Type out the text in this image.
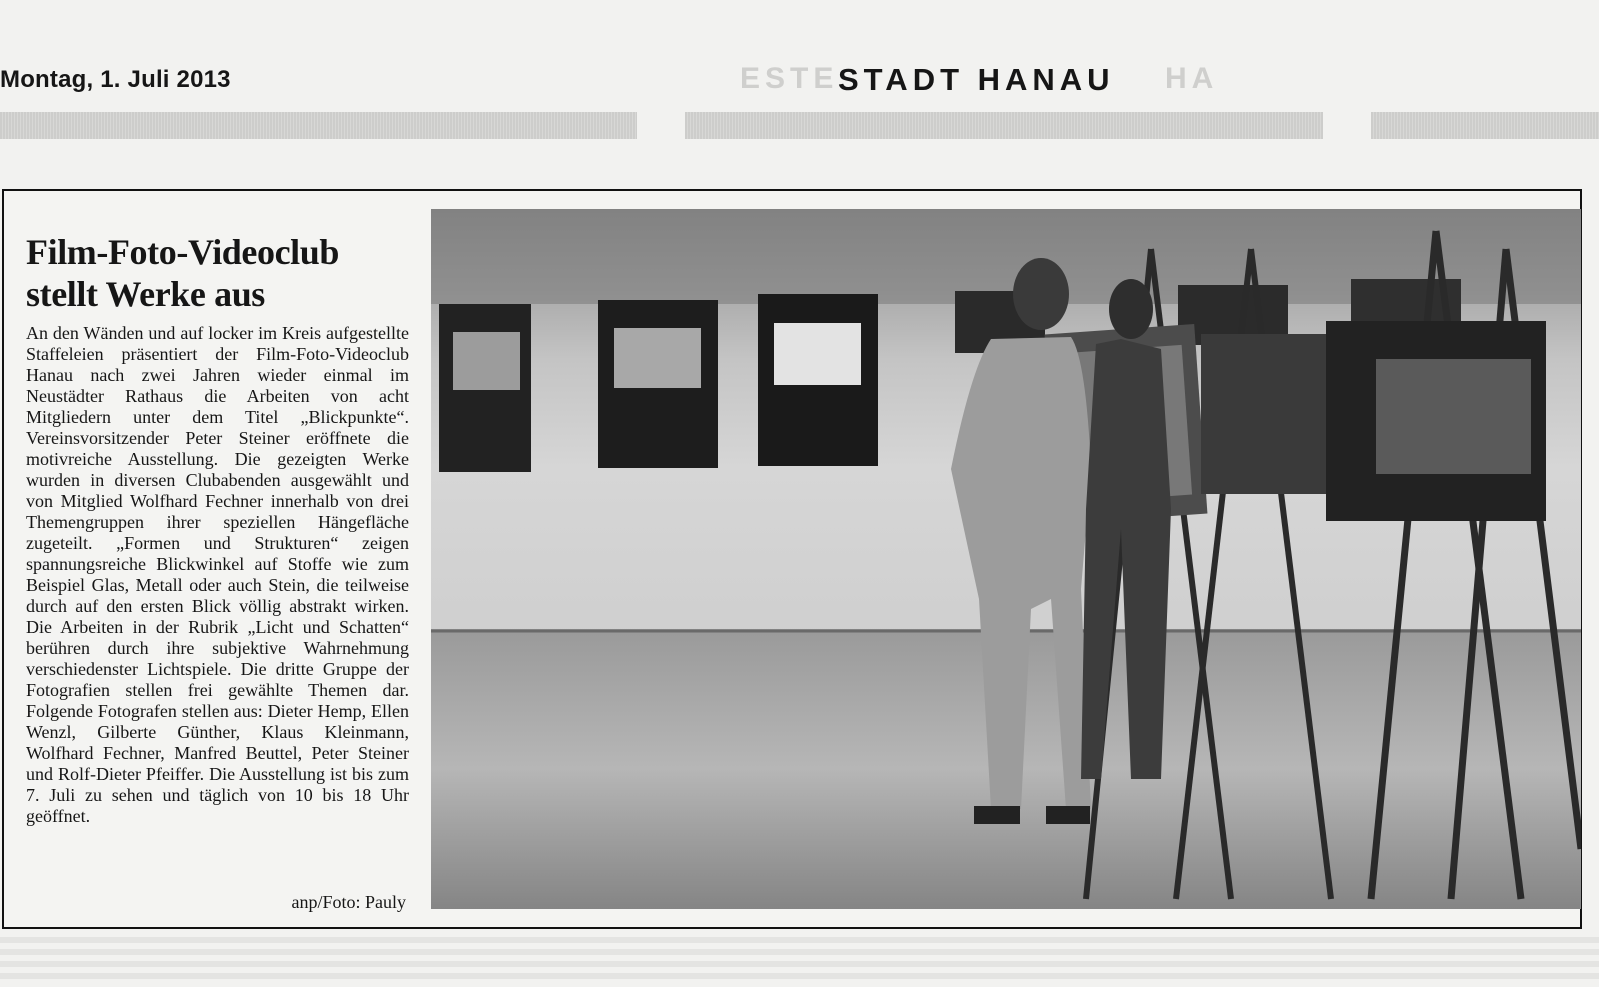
Montag, 1. Juli 2013	ESTE STADT HANAU HA
Film-Foto-Videoclub
stellt Werke aus

An den Wänden und auf locker im Kreis aufgestellte Staffeleien präsentiert der Film-Foto-Videoclub Hanau nach zwei Jahren wieder einmal im Neustädter Rathaus die Arbeiten von acht Mitgliedern unter dem Titel „Blickpunkte“. Vereinsvorsitzender Peter Steiner eröffnete die motivreiche Ausstellung. Die gezeigten Werke wurden in diversen Clubabenden ausgewählt und von Mitglied Wolfhard Fechner innerhalb von drei Themengruppen ihrer speziellen Hängefläche zugeteilt. „Formen und Strukturen“ zeigen spannungsreiche Blickwinkel auf Stoffe wie zum Beispiel Glas, Metall oder auch Stein, die teilweise durch auf den ersten Blick völlig abstrakt wirken. Die Arbeiten in der Rubrik „Licht und Schatten“ berühren durch ihre subjektive Wahrnehmung verschiedenster Lichtspiele. Die dritte Gruppe der Fotografien stellen frei gewählte Themen dar. Folgende Fotografen stellen aus: Dieter Hemp, Ellen Wenzl, Gilberte Günther, Klaus Kleinmann, Wolfhard Fechner, Manfred Beuttel, Peter Steiner und Rolf-Dieter Pfeiffer. Die Ausstellung ist bis zum 7. Juli zu sehen und täglich von 10 bis 18 Uhr geöffnet.

anp/Foto: Pauly
